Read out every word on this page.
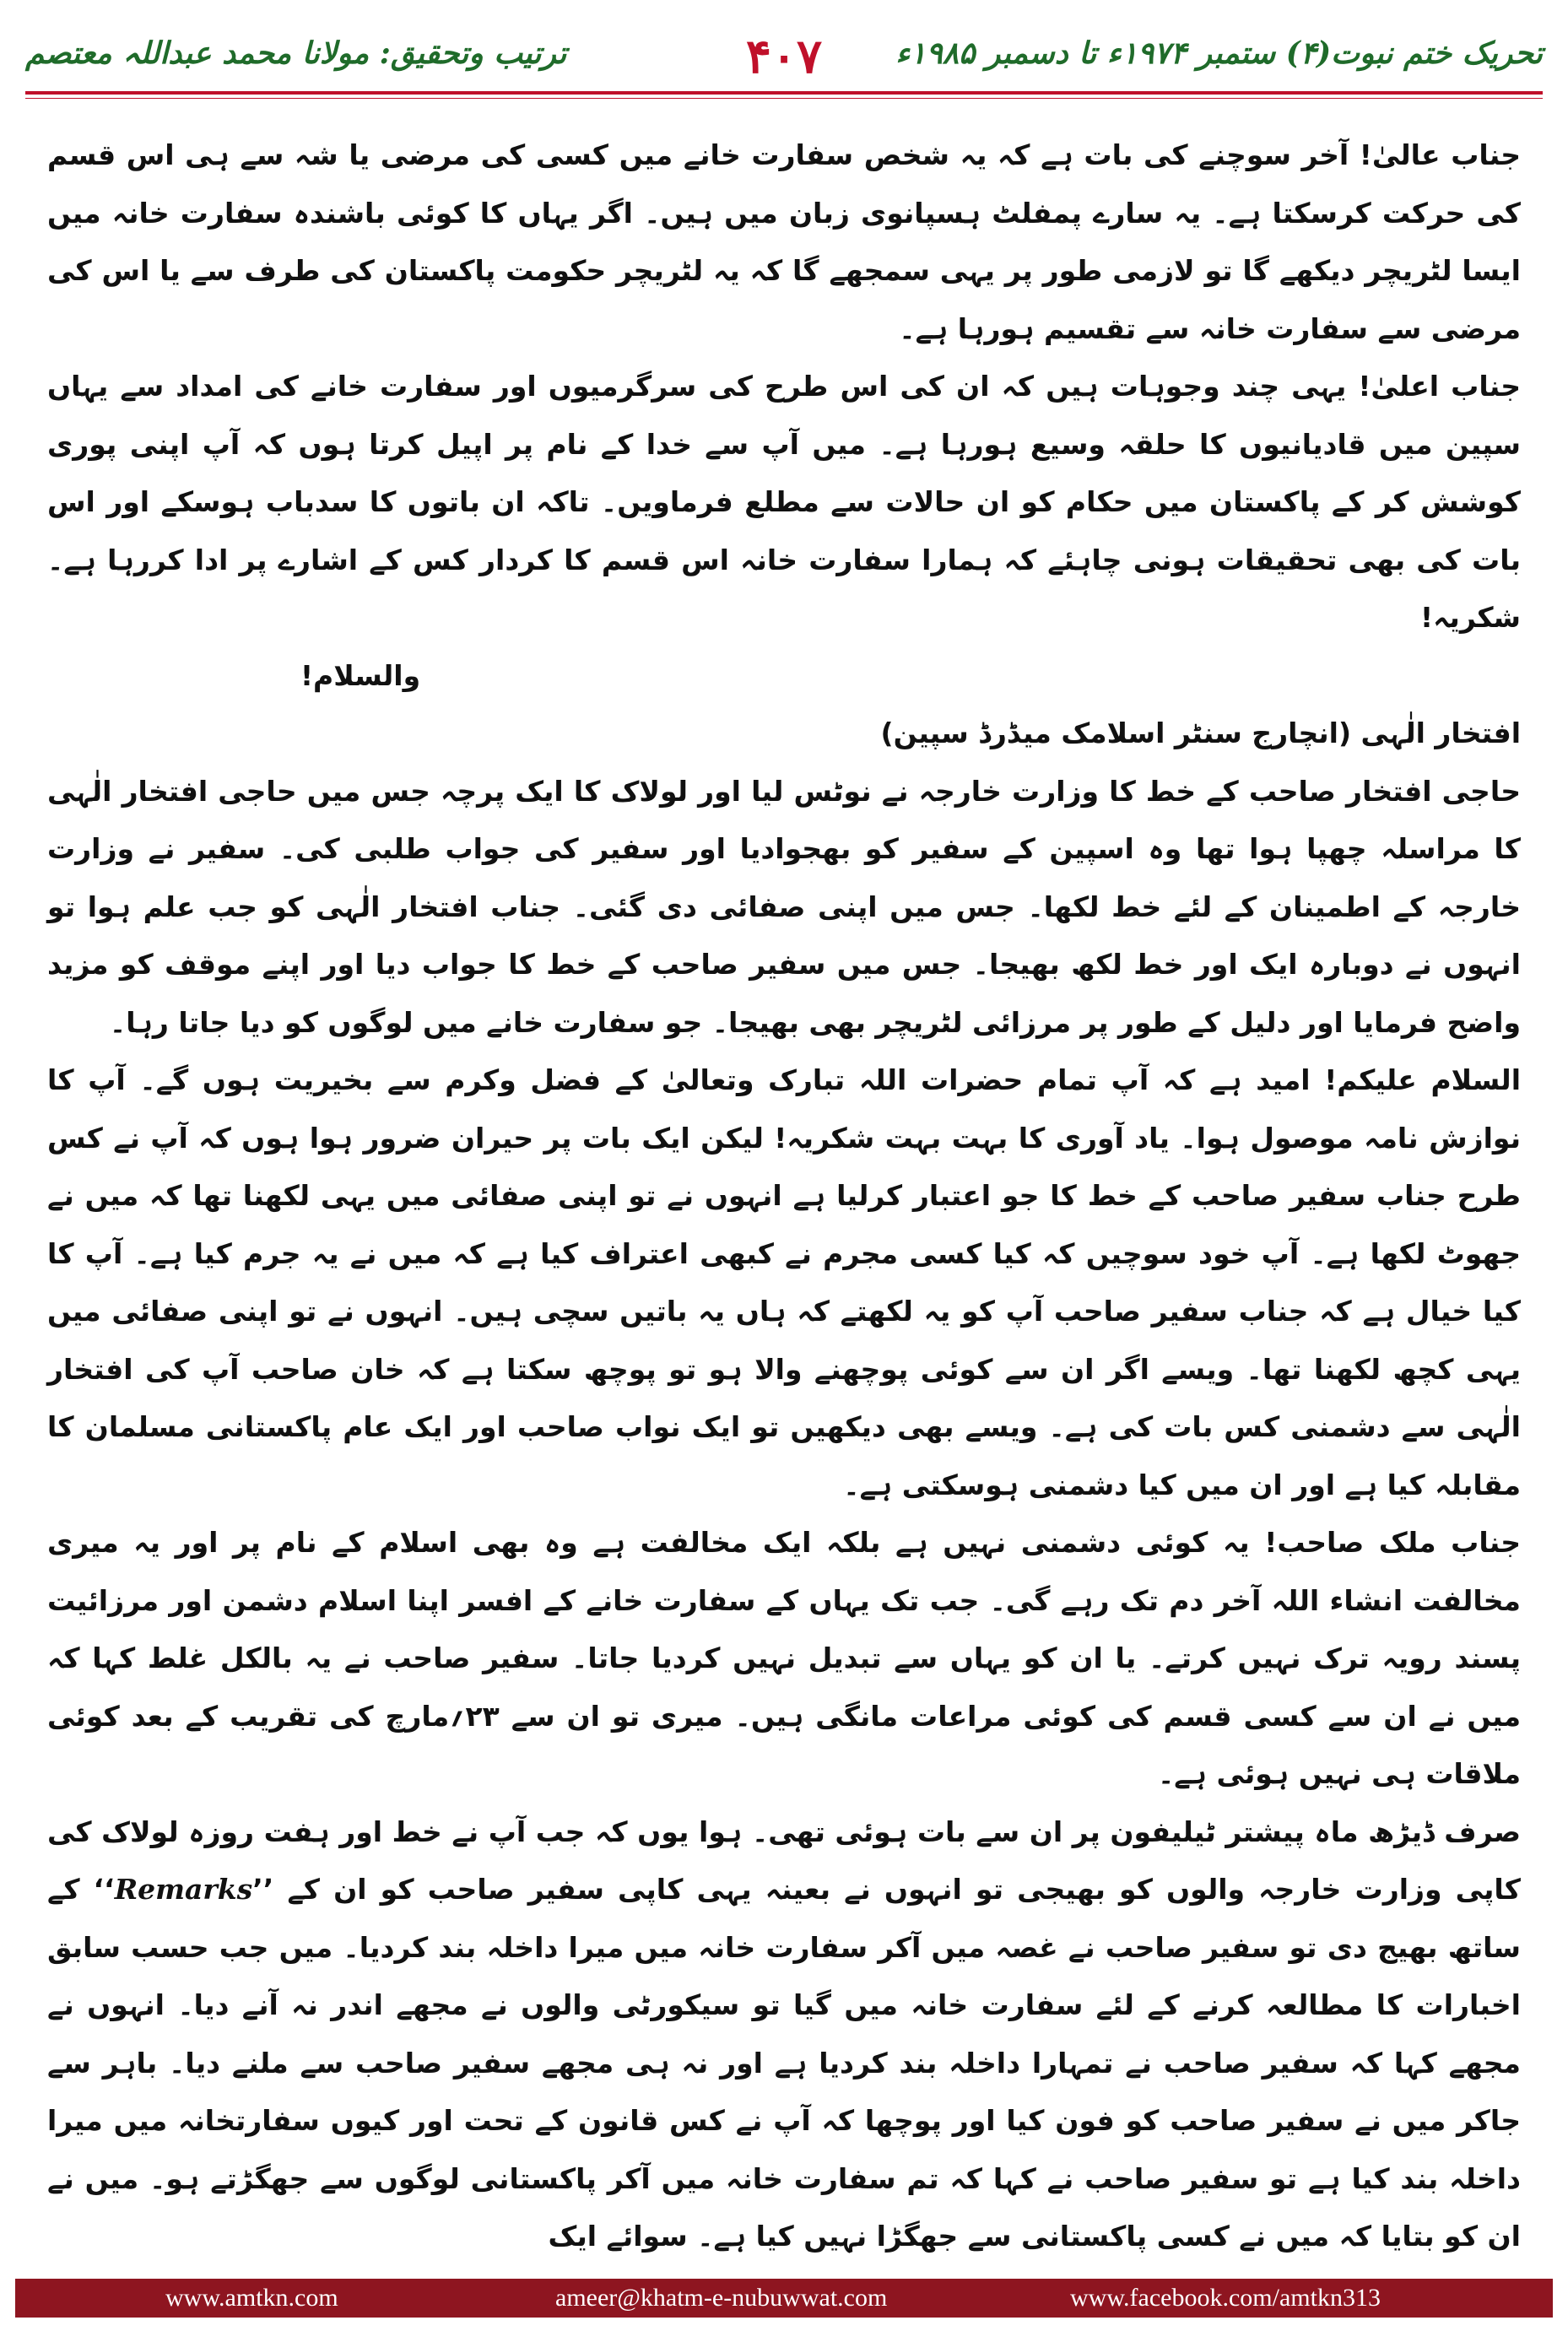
تحریک ختم نبوت(۴) ستمبر ۱۹۷۴ء تا دسمبر ۱۹۸۵ء
۴۰۷
ترتیب وتحقیق: مولانا محمد عبداللہ معتصم

جناب عالیٰ! آخر سوچنے کی بات ہے کہ یہ شخص سفارت خانے میں کسی کی مرضی یا شہ سے ہی اس قسم کی حرکت کرسکتا ہے۔ یہ سارے پمفلٹ ہسپانوی زبان میں ہیں۔ اگر یہاں کا کوئی باشندہ سفارت خانہ میں ایسا لٹریچر دیکھے گا تو لازمی طور پر یہی سمجھے گا کہ یہ لٹریچر حکومت پاکستان کی طرف سے یا اس کی مرضی سے سفارت خانہ سے تقسیم ہورہا ہے۔

جناب اعلیٰ! یہی چند وجوہات ہیں کہ ان کی اس طرح کی سرگرمیوں اور سفارت خانے کی امداد سے یہاں سپین میں قادیانیوں کا حلقہ وسیع ہورہا ہے۔ میں آپ سے خدا کے نام پر اپیل کرتا ہوں کہ آپ اپنی پوری کوشش کر کے پاکستان میں حکام کو ان حالات سے مطلع فرماویں۔ تاکہ ان باتوں کا سدباب ہوسکے اور اس بات کی بھی تحقیقات ہونی چاہئے کہ ہمارا سفارت خانہ اس قسم کا کردار کس کے اشارے پر ادا کررہا ہے۔ شکریہ!

والسلام!

افتخار الٰہی (انچارج سنٹر اسلامک میڈرڈ سپین)

حاجی افتخار صاحب کے خط کا وزارت خارجہ نے نوٹس لیا اور لولاک کا ایک پرچہ جس میں حاجی افتخار الٰہی کا مراسلہ چھپا ہوا تھا وہ اسپین کے سفیر کو بھجوادیا اور سفیر کی جواب طلبی کی۔ سفیر نے وزارت خارجہ کے اطمینان کے لئے خط لکھا۔ جس میں اپنی صفائی دی گئی۔ جناب افتخار الٰہی کو جب علم ہوا تو انہوں نے دوبارہ ایک اور خط لکھ بھیجا۔ جس میں سفیر صاحب کے خط کا جواب دیا اور اپنے موقف کو مزید واضح فرمایا اور دلیل کے طور پر مرزائی لٹریچر بھی بھیجا۔ جو سفارت خانے میں لوگوں کو دیا جاتا رہا۔

السلام علیکم! امید ہے کہ آپ تمام حضرات اللہ تبارک وتعالیٰ کے فضل وکرم سے بخیریت ہوں گے۔ آپ کا نوازش نامہ موصول ہوا۔ یاد آوری کا بہت بہت شکریہ! لیکن ایک بات پر حیران ضرور ہوا ہوں کہ آپ نے کس طرح جناب سفیر صاحب کے خط کا جو اعتبار کرلیا ہے انہوں نے تو اپنی صفائی میں یہی لکھنا تھا کہ میں نے جھوٹ لکھا ہے۔ آپ خود سوچیں کہ کیا کسی مجرم نے کبھی اعتراف کیا ہے کہ میں نے یہ جرم کیا ہے۔ آپ کا کیا خیال ہے کہ جناب سفیر صاحب آپ کو یہ لکھتے کہ ہاں یہ باتیں سچی ہیں۔ انہوں نے تو اپنی صفائی میں یہی کچھ لکھنا تھا۔ ویسے اگر ان سے کوئی پوچھنے والا ہو تو پوچھ سکتا ہے کہ خان صاحب آپ کی افتخار الٰہی سے دشمنی کس بات کی ہے۔ ویسے بھی دیکھیں تو ایک نواب صاحب اور ایک عام پاکستانی مسلمان کا مقابلہ کیا ہے اور ان میں کیا دشمنی ہوسکتی ہے۔

جناب ملک صاحب! یہ کوئی دشمنی نہیں ہے بلکہ ایک مخالفت ہے وہ بھی اسلام کے نام پر اور یہ میری مخالفت انشاء اللہ آخر دم تک رہے گی۔ جب تک یہاں کے سفارت خانے کے افسر اپنا اسلام دشمن اور مرزائیت پسند رویہ ترک نہیں کرتے۔ یا ان کو یہاں سے تبدیل نہیں کردیا جاتا۔ سفیر صاحب نے یہ بالکل غلط کہا کہ میں نے ان سے کسی قسم کی کوئی مراعات مانگی ہیں۔ میری تو ان سے ۲۳؍مارچ کی تقریب کے بعد کوئی ملاقات ہی نہیں ہوئی ہے۔

صرف ڈیڑھ ماہ پیشتر ٹیلیفون پر ان سے بات ہوئی تھی۔ ہوا یوں کہ جب آپ نے خط اور ہفت روزہ لولاک کی کاپی وزارت خارجہ والوں کو بھیجی تو انہوں نے بعینہ یہی کاپی سفیر صاحب کو ان کے ’’Remarks‘‘ کے ساتھ بھیج دی تو سفیر صاحب نے غصہ میں آکر سفارت خانہ میں میرا داخلہ بند کردیا۔ میں جب حسب سابق اخبارات کا مطالعہ کرنے کے لئے سفارت خانہ میں گیا تو سیکورٹی والوں نے مجھے اندر نہ آنے دیا۔ انہوں نے مجھے کہا کہ سفیر صاحب نے تمہارا داخلہ بند کردیا ہے اور نہ ہی مجھے سفیر صاحب سے ملنے دیا۔ باہر سے جاکر میں نے سفیر صاحب کو فون کیا اور پوچھا کہ آپ نے کس قانون کے تحت اور کیوں سفارتخانہ میں میرا داخلہ بند کیا ہے تو سفیر صاحب نے کہا کہ تم سفارت خانہ میں آکر پاکستانی لوگوں سے جھگڑتے ہو۔ میں نے ان کو بتایا کہ میں نے کسی پاکستانی سے جھگڑا نہیں کیا ہے۔ سوائے ایک

www.amtkn.com	ameer@khatm-e-nubuwwat.com	www.facebook.com/amtkn313
